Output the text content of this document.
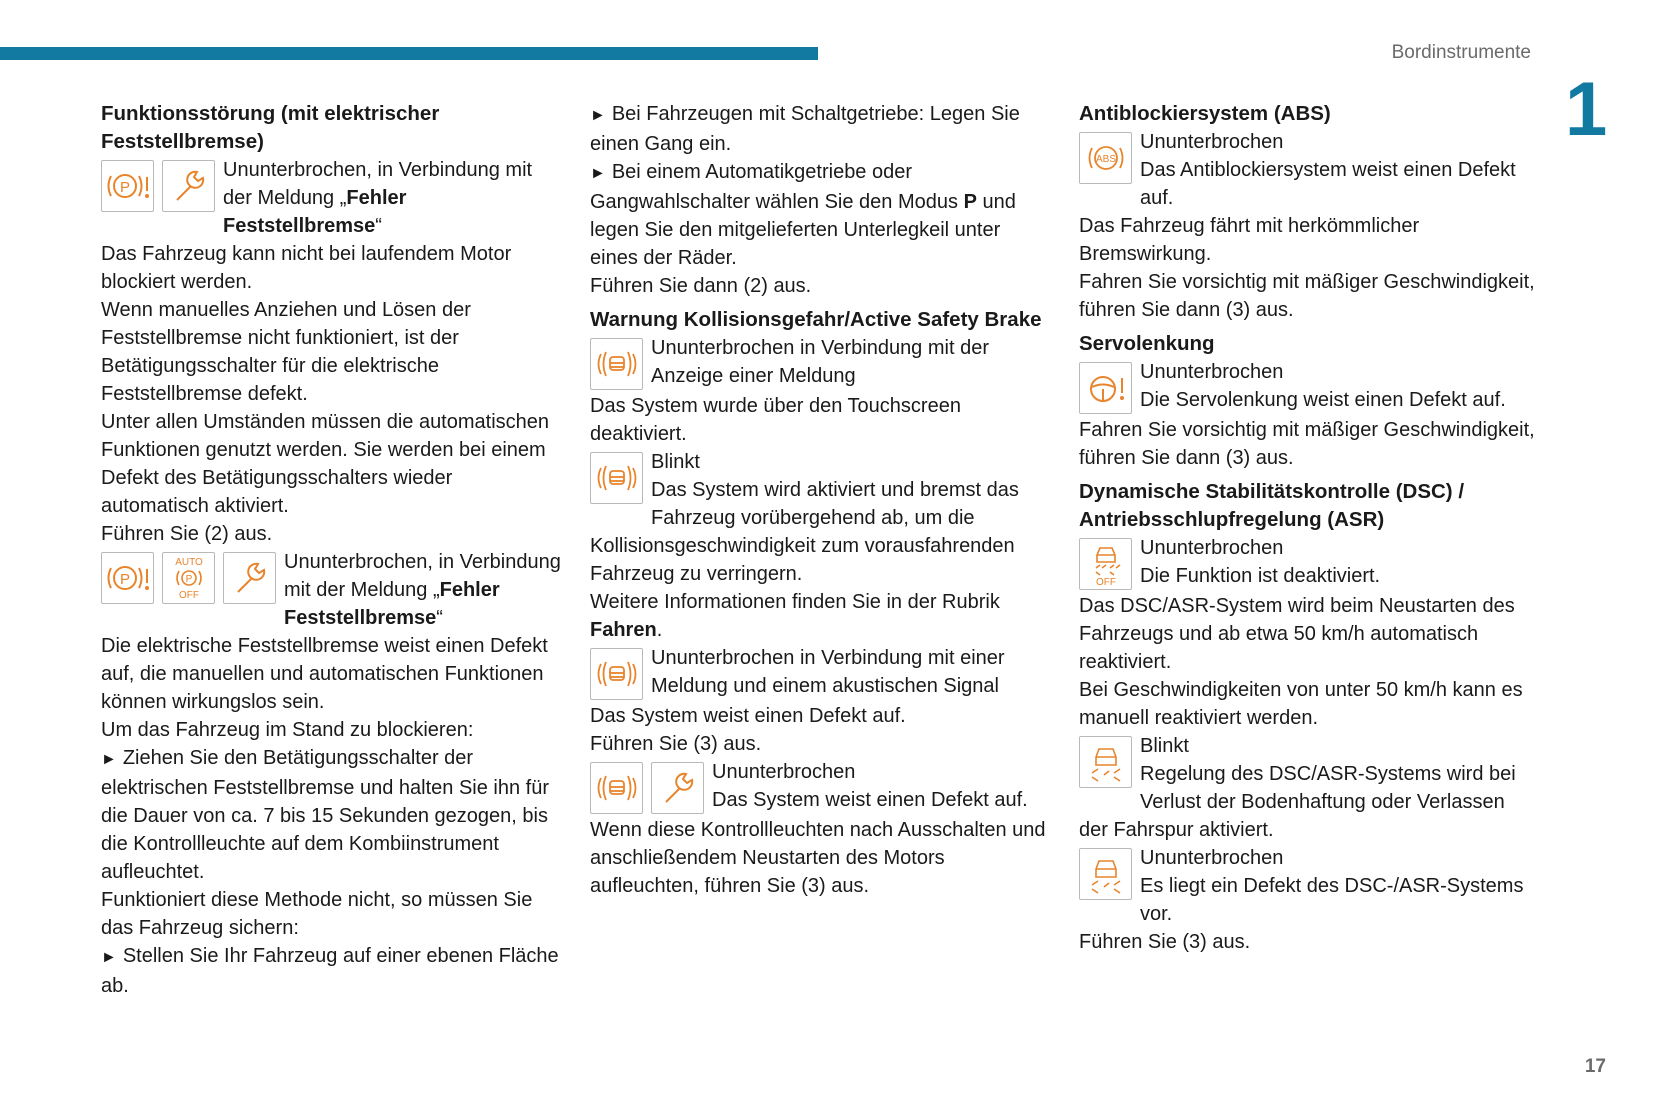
Bordinstrumente
1
17
Funktionsstörung (mit elektrischer Feststellbremse)
P

Ununterbrochen, in Verbindung mit der Meldung „Fehler Feststellbremse“

Das Fahrzeug kann nicht bei laufendem Motor blockiert werden.

Wenn manuelles Anziehen und Lösen der Feststellbremse nicht funktioniert, ist der Betätigungsschalter für die elektrische Feststellbremse defekt.

Unter allen Umständen müssen die automatischen Funktionen genutzt werden. Sie werden bei einem Defekt des Betätigungsschalters wieder automatisch aktiviert.

Führen Sie (2) aus.

P
AUTO
P
OFF

Ununterbrochen, in Verbindung mit der Meldung „Fehler Feststellbremse“

Die elektrische Feststellbremse weist einen Defekt auf, die manuellen und automatischen Funktionen können wirkungslos sein.

Um das Fahrzeug im Stand zu blockieren:

► Ziehen Sie den Betätigungsschalter der elektrischen Feststellbremse und halten Sie ihn für die Dauer von ca. 7 bis 15 Sekunden gezogen, bis die Kontrollleuchte auf dem Kombiinstrument aufleuchtet.

Funktioniert diese Methode nicht, so müssen Sie das Fahrzeug sichern:

► Stellen Sie Ihr Fahrzeug auf einer ebenen Fläche ab.

► Bei Fahrzeugen mit Schaltgetriebe: Legen Sie einen Gang ein.

► Bei einem Automatikgetriebe oder Gangwahlschalter wählen Sie den Modus P und legen Sie den mitgelieferten Unterlegkeil unter eines der Räder.

Führen Sie dann (2) aus.

Warnung Kollisionsgefahr/Active Safety Brake

Ununterbrochen in Verbindung mit der Anzeige einer Meldung

Das System wurde über den Touchscreen deaktiviert.

Blinkt

Das System wird aktiviert und bremst das Fahrzeug vorübergehend ab, um die Kollisionsgeschwindigkeit zum vorausfahrenden Fahrzeug zu verringern.

Weitere Informationen finden Sie in der Rubrik Fahren.

Ununterbrochen in Verbindung mit einer Meldung und einem akustischen Signal

Das System weist einen Defekt auf.

Führen Sie (3) aus.

Ununterbrochen

Das System weist einen Defekt auf.

Wenn diese Kontrollleuchten nach Ausschalten und anschließendem Neustarten des Motors aufleuchten, führen Sie (3) aus.

Antiblockiersystem (ABS)
ABS

Ununterbrochen

Das Antiblockiersystem weist einen Defekt auf.

Das Fahrzeug fährt mit herkömmlicher Bremswirkung.

Fahren Sie vorsichtig mit mäßiger Geschwindigkeit, führen Sie dann (3) aus.

Servolenkung

Ununterbrochen

Die Servolenkung weist einen Defekt auf.

Fahren Sie vorsichtig mit mäßiger Geschwindigkeit, führen Sie dann (3) aus.

Dynamische Stabilitätskontrolle (DSC) / Antriebsschlupfregelung (ASR)
OFF

Ununterbrochen

Die Funktion ist deaktiviert.

Das DSC/ASR-System wird beim Neustarten des Fahrzeugs und ab etwa 50 km/h automatisch reaktiviert.

Bei Geschwindigkeiten von unter 50 km/h kann es manuell reaktiviert werden.

Blinkt

Regelung des DSC/ASR-Systems wird bei Verlust der Bodenhaftung oder Verlassen der Fahrspur aktiviert.

Ununterbrochen

Es liegt ein Defekt des DSC-/ASR-Systems vor.

Führen Sie (3) aus.
